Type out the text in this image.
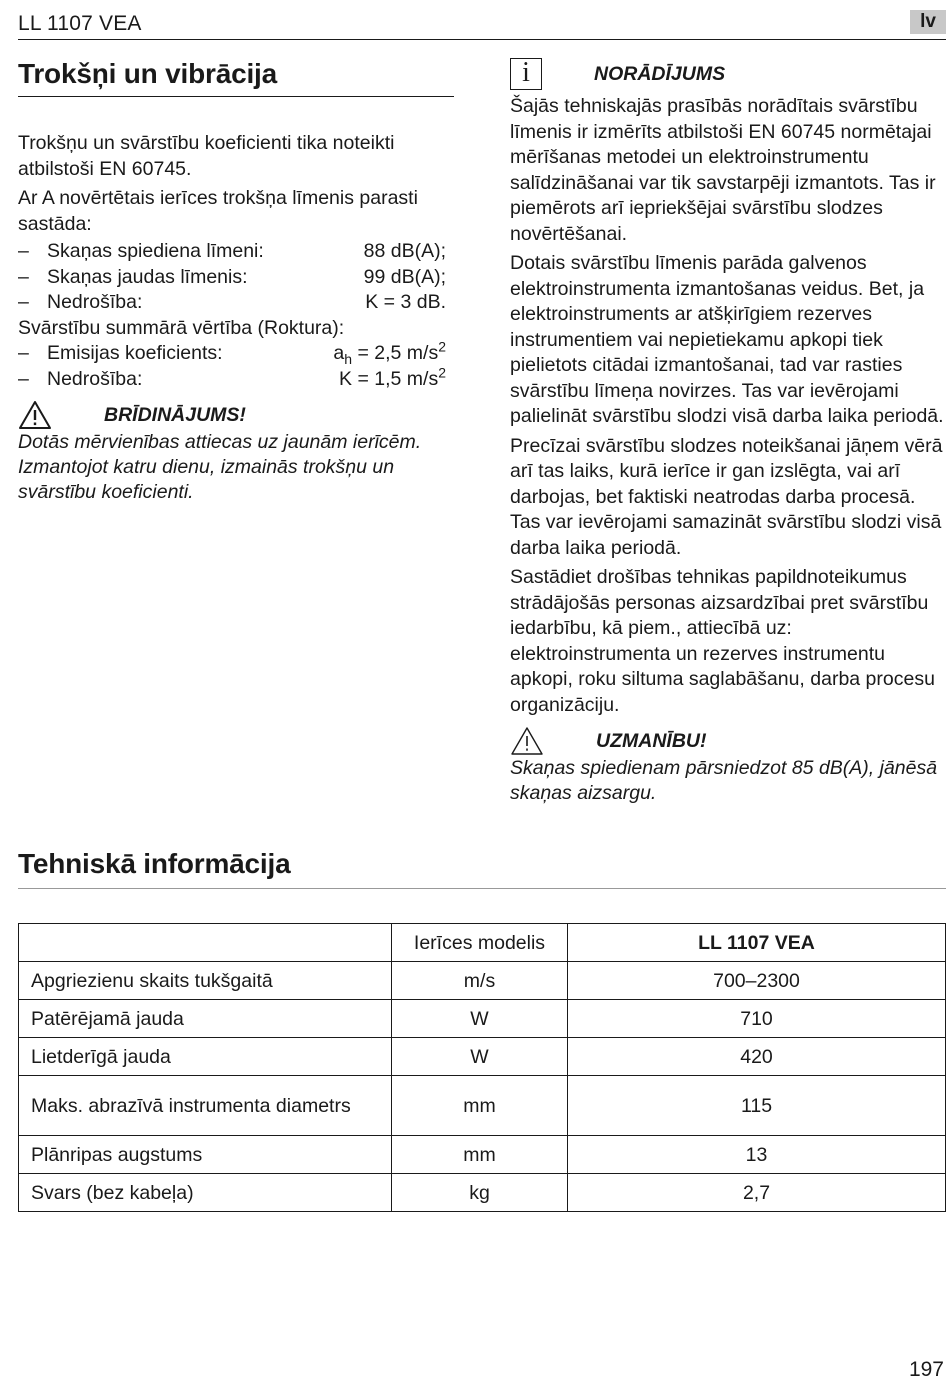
LL 1107 VEA	lv
Trokšņi un vibrācija

Trokšņu un svārstību koeficienti tika noteikti atbilstoši EN 60745.

Ar A novērtētais ierīces trokšņa līmenis parasti sastāda:

– Skaņas spiediena līmeni:	88 dB(A);
– Skaņas jaudas līmenis:	99 dB(A);
– Nedrošība:	K = 3 dB.
Svārstību summārā vērtība (Roktura):
– Emisijas koeficients:	$a_h = 2,5$ $m/s^2$
– Nedrošība:	K = 1,5 $m/s^2$
BRĪDINĀJUMS!

Dotās mērvienības attiecas uz jaunām ierīcēm. Izmantojot katru dienu, izmainās trokšņu un svārstību koeficienti.

i	NORĀDĪJUMS

Šajās tehniskajās prasībās norādītais svārstību līmenis ir izmērīts atbilstoši EN 60745 normētajai mērīšanas metodei un elektroinstrumentu salīdzināšanai var tik savstarpēji izmantots. Tas ir piemērots arī iepriekšējai svārstību slodzes novērtēšanai.

Dotais svārstību līmenis parāda galvenos elektroinstrumenta izmantošanas veidus. Bet, ja elektroinstruments ar atšķirīgiem rezerves instrumentiem vai nepietiekamu apkopi tiek pielietots citādai izmantošanai, tad var rasties svārstību līmeņa novirzes. Tas var ievērojami palielināt svārstību slodzi visā darba laika periodā.

Precīzai svārstību slodzes noteikšanai jāņem vērā arī tas laiks, kurā ierīce ir gan izslēgta, vai arī darbojas, bet faktiski neatrodas darba procesā. Tas var ievērojami samazināt svārstību slodzi visā darba laika periodā.

Sastādiet drošības tehnikas papildnoteikumus strādājošās personas aizsardzībai pret svārstību iedarbību, kā piem., attiecībā uz: elektroinstrumenta un rezerves instrumentu apkopi, roku siltuma saglabāšanu, darba procesu organizāciju.

UZMANĪBU!

Skaņas spiedienam pārsniedzot 85 dB(A), jānēsā skaņas aizsargu.

Tehniskā informācija
	Ierīces modelis	LL 1107 VEA
Apgriezienu skaits tukšgaitā	m/s	700–2300
Patērējamā jauda	W	710
Lietderīgā jauda	W	420
Maks. abrazīvā instrumenta diametrs	mm	115
Plānripas augstums	mm	13
Svars (bez kabeļa)	kg	2,7
197
